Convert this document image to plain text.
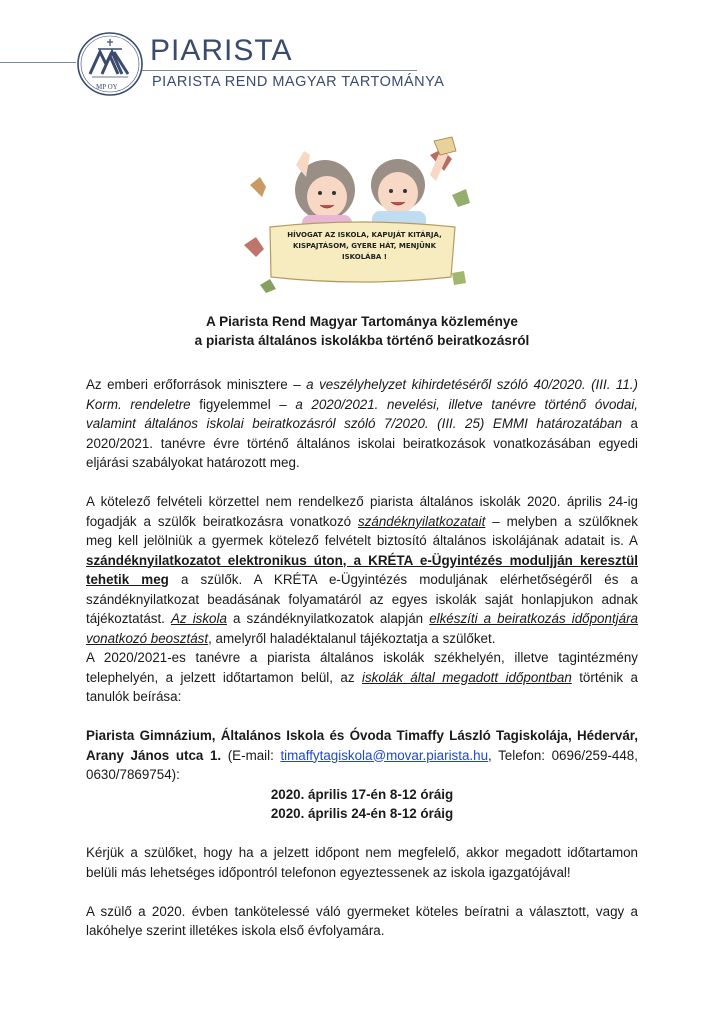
MP OY
PIARISTA
PIARISTA REND MAGYAR TARTOMÁNYA
HÍVOGAT AZ ISKOLA, KAPUJÁT KITÁRJA, KISPAJTÁSOM, GYERE HÁT, MENJÜNK ISKOLÁBA !
A Piarista Rend Magyar Tartománya közleménye
a piarista általános iskolákba történő beiratkozásról

Az emberi erőforrások minisztere – a veszélyhelyzet kihirdetéséről szóló 40/2020. (III. 11.) Korm. rendeletre figyelemmel – a 2020/2021. nevelési, illetve tanévre történő óvodai, valamint általános iskolai beiratkozásról szóló 7/2020. (III. 25) EMMI határozatában a 2020/2021. tanévre évre történő általános iskolai beiratkozások vonatkozásában egyedi eljárási szabályokat határozott meg.

A kötelező felvételi körzettel nem rendelkező piarista általános iskolák 2020. április 24-ig fogadják a szülők beiratkozásra vonatkozó szándéknyilatkozatait – melyben a szülőknek meg kell jelölniük a gyermek kötelező felvételt biztosító általános iskolájának adatait is. A szándéknyilatkozatot elektronikus úton, a KRÉTA e-Ügyintézés moduljján keresztül tehetik meg a szülők. A KRÉTA e-Ügyintézés moduljának elérhetőségéről és a szándéknyilatkozat beadásának folyamatáról az egyes iskolák saját honlapjukon adnak tájékoztatást. Az iskola a szándéknyilatkozatok alapján elkészíti a beiratkozás időpontjára vonatkozó beosztást, amelyről haladéktalanul tájékoztatja a szülőket.

A 2020/2021-es tanévre a piarista általános iskolák székhelyén, illetve tagintézmény telephelyén, a jelzett időtartamon belül, az iskolák által megadott időpontban történik a tanulók beírása:

Piarista Gimnázium, Általános Iskola és Óvoda Timaffy László Tagiskolája, Hédervár, Arany János utca 1. (E-mail: timaffytagiskola@movar.piarista.hu, Telefon: 0696/259-448, 0630/7869754):

2020. április 17-én 8-12 óráig
2020. április 24-én 8-12 óráig

Kérjük a szülőket, hogy ha a jelzett időpont nem megfelelő, akkor megadott időtartamon belüli más lehetséges időpontról telefonon egyeztessenek az iskola igazgatójával!

A szülő a 2020. évben tankötelessé váló gyermeket köteles beíratni a választott, vagy a lakóhelye szerint illetékes iskola első évfolyamára.
